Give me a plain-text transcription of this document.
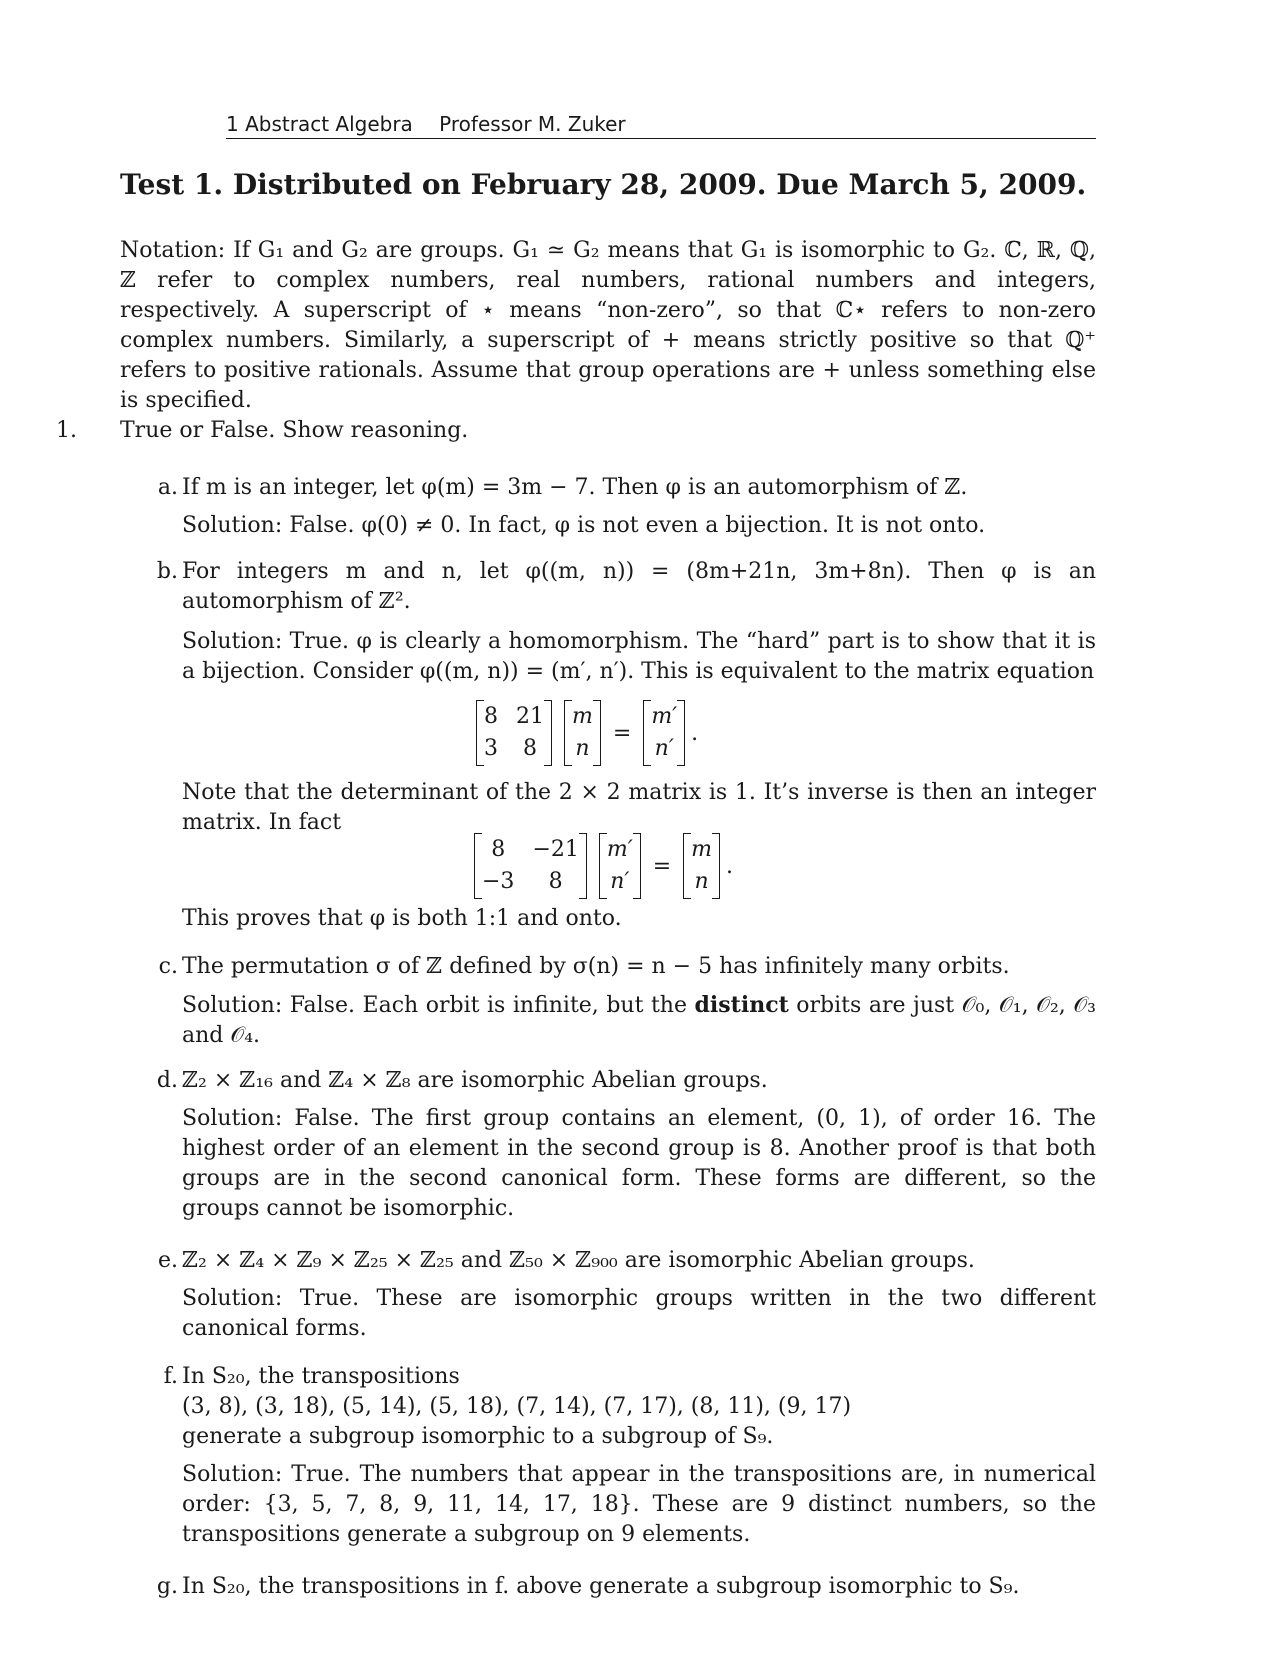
1 Abstract Algebra Professor M. Zuker
Test 1. Distributed on February 28, 2009. Due March 5, 2009.
Notation: If G₁ and G₂ are groups. G₁ ≃ G₂ means that G₁ is isomorphic to G₂. ℂ, ℝ, ℚ, ℤ refer to complex numbers, real numbers, rational numbers and integers, respectively. A superscript of ⋆ means “non-zero”, so that ℂ⋆ refers to non-zero complex numbers. Similarly, a superscript of + means strictly positive so that ℚ⁺ refers to positive rationals. Assume that group operations are + unless something else is specified.
1. True or False. Show reasoning.
a. If m is an integer, let φ(m) = 3m − 7. Then φ is an automorphism of ℤ.
Solution: False. φ(0) ≠ 0. In fact, φ is not even a bijection. It is not onto.
b. For integers m and n, let φ((m, n)) = (8m+21n, 3m+8n). Then φ is an automorphism of ℤ².
Solution: True. φ is clearly a homomorphism. The “hard” part is to show that it is a bijection. Consider φ((m, n)) = (m′, n′). This is equivalent to the matrix equation
8 21
3	8
m
n
=
m′
n′
.
Note that the determinant of the 2 × 2 matrix is 1. It’s inverse is then an integer matrix. In fact
8	−21
−3	8
m′
n′
=
m
n
.
This proves that φ is both 1:1 and onto.
c. The permutation σ of ℤ defined by σ(n) = n − 5 has infinitely many orbits.
Solution: False. Each orbit is infinite, but the distinct orbits are just 𝒪₀, 𝒪₁, 𝒪₂, 𝒪₃ and 𝒪₄.
d. ℤ₂ × ℤ₁₆ and ℤ₄ × ℤ₈ are isomorphic Abelian groups.
Solution: False. The first group contains an element, (0, 1), of order 16. The highest order of an element in the second group is 8. Another proof is that both groups are in the second canonical form. These forms are different, so the groups cannot be isomorphic.
e. ℤ₂ × ℤ₄ × ℤ₉ × ℤ₂₅ × ℤ₂₅ and ℤ₅₀ × ℤ₉₀₀ are isomorphic Abelian groups.
Solution: True. These are isomorphic groups written in the two different canonical forms.
f. In S₂₀, the transpositions
(3, 8), (3, 18), (5, 14), (5, 18), (7, 14), (7, 17), (8, 11), (9, 17)
generate a subgroup isomorphic to a subgroup of S₉.
Solution: True. The numbers that appear in the transpositions are, in numerical order: {3, 5, 7, 8, 9, 11, 14, 17, 18}. These are 9 distinct numbers, so the transpositions generate a subgroup on 9 elements.
g. In S₂₀, the transpositions in f. above generate a subgroup isomorphic to S₉.
